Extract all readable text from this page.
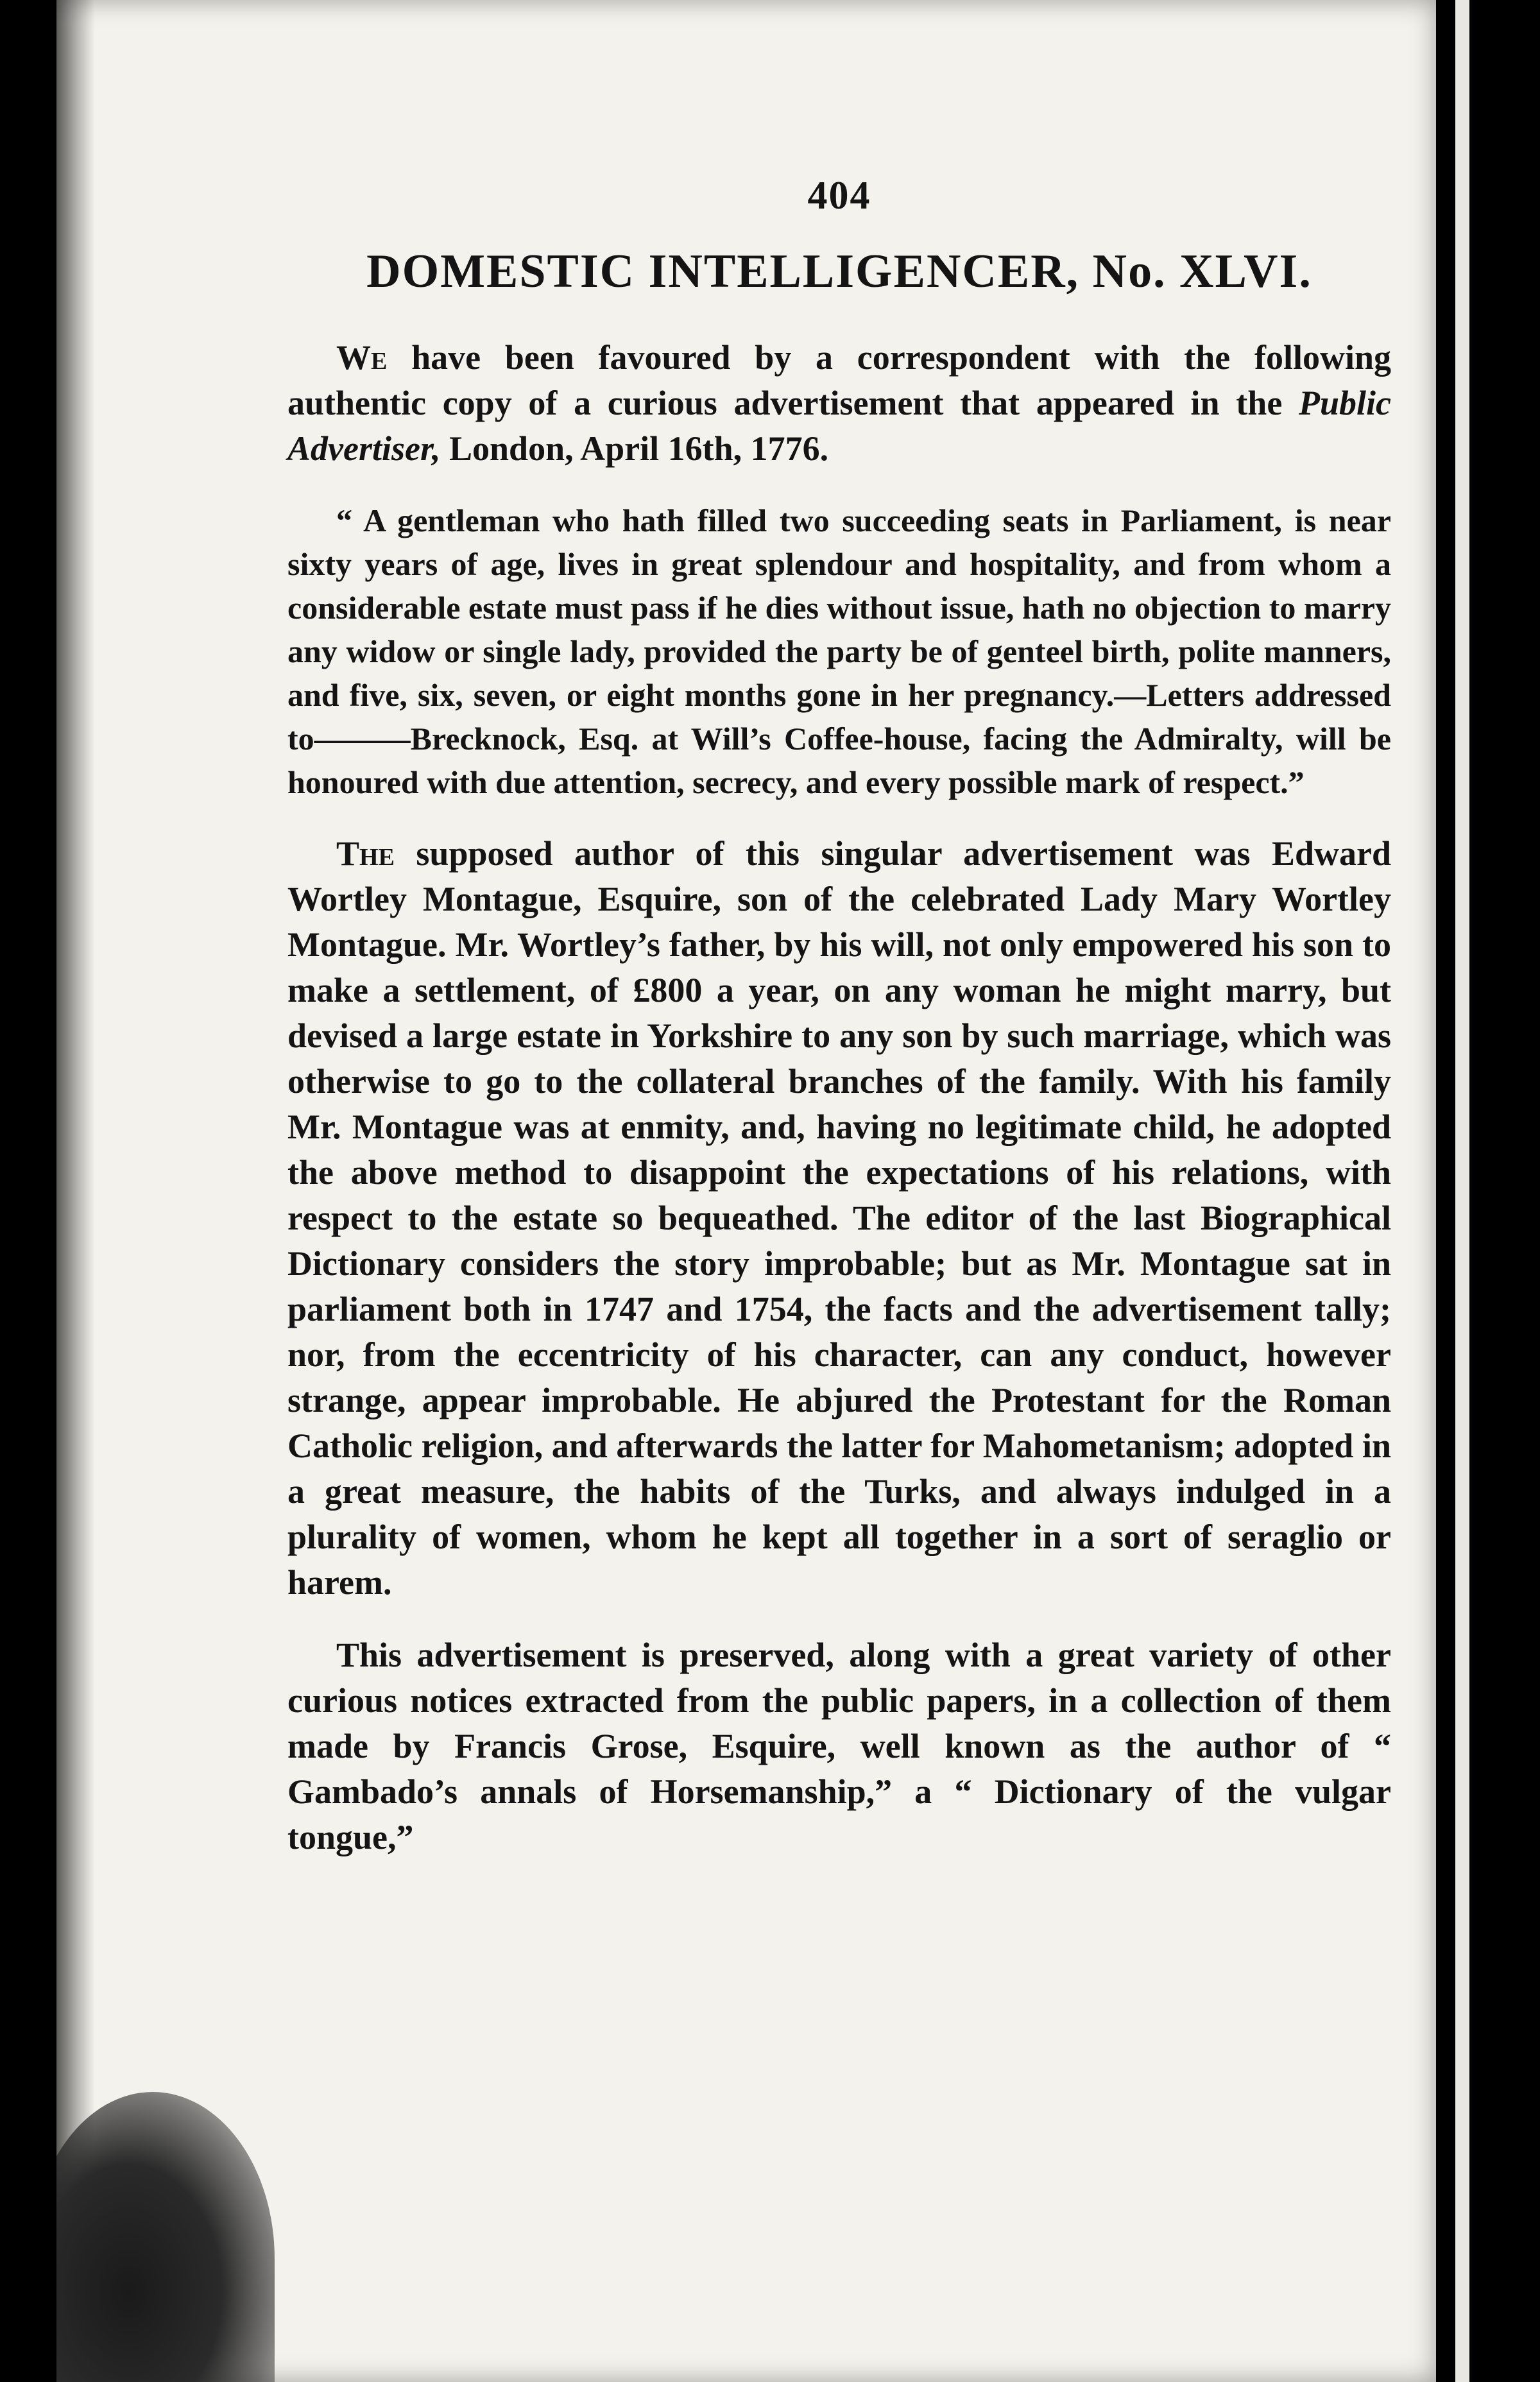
404
DOMESTIC INTELLIGENCER, No. XLVI.

We have been favoured by a correspondent with the following authentic copy of a curious advertisement that appeared in the Public Advertiser, London, April 16th, 1776.

“ A gentleman who hath filled two succeeding seats in Parliament, is near sixty years of age, lives in great splendour and hospitality, and from whom a considerable estate must pass if he dies without issue, hath no objection to marry any widow or single lady, provided the party be of genteel birth, polite manners, and five, six, seven, or eight months gone in her pregnancy.—Letters addressed to———Brecknock, Esq. at Will’s Coffee-house, facing the Admiralty, will be honoured with due attention, secrecy, and every possible mark of respect.”

The supposed author of this singular advertisement was Edward Wortley Montague, Esquire, son of the celebrated Lady Mary Wortley Montague. Mr. Wortley’s father, by his will, not only empowered his son to make a settlement, of £800 a year, on any woman he might marry, but devised a large estate in Yorkshire to any son by such marriage, which was otherwise to go to the collateral branches of the family. With his family Mr. Montague was at enmity, and, having no legitimate child, he adopted the above method to disappoint the expectations of his relations, with respect to the estate so bequeathed. The editor of the last Biographical Dictionary considers the story improbable; but as Mr. Montague sat in parliament both in 1747 and 1754, the facts and the advertisement tally; nor, from the eccentricity of his character, can any conduct, however strange, appear improbable. He abjured the Protestant for the Roman Catholic religion, and afterwards the latter for Mahometanism; adopted in a great measure, the habits of the Turks, and always indulged in a plurality of women, whom he kept all together in a sort of seraglio or harem.

This advertisement is preserved, along with a great variety of other curious notices extracted from the public papers, in a collection of them made by Francis Grose, Esquire, well known as the author of “ Gambado’s annals of Horsemanship,” a “ Dictionary of the vulgar tongue,”
